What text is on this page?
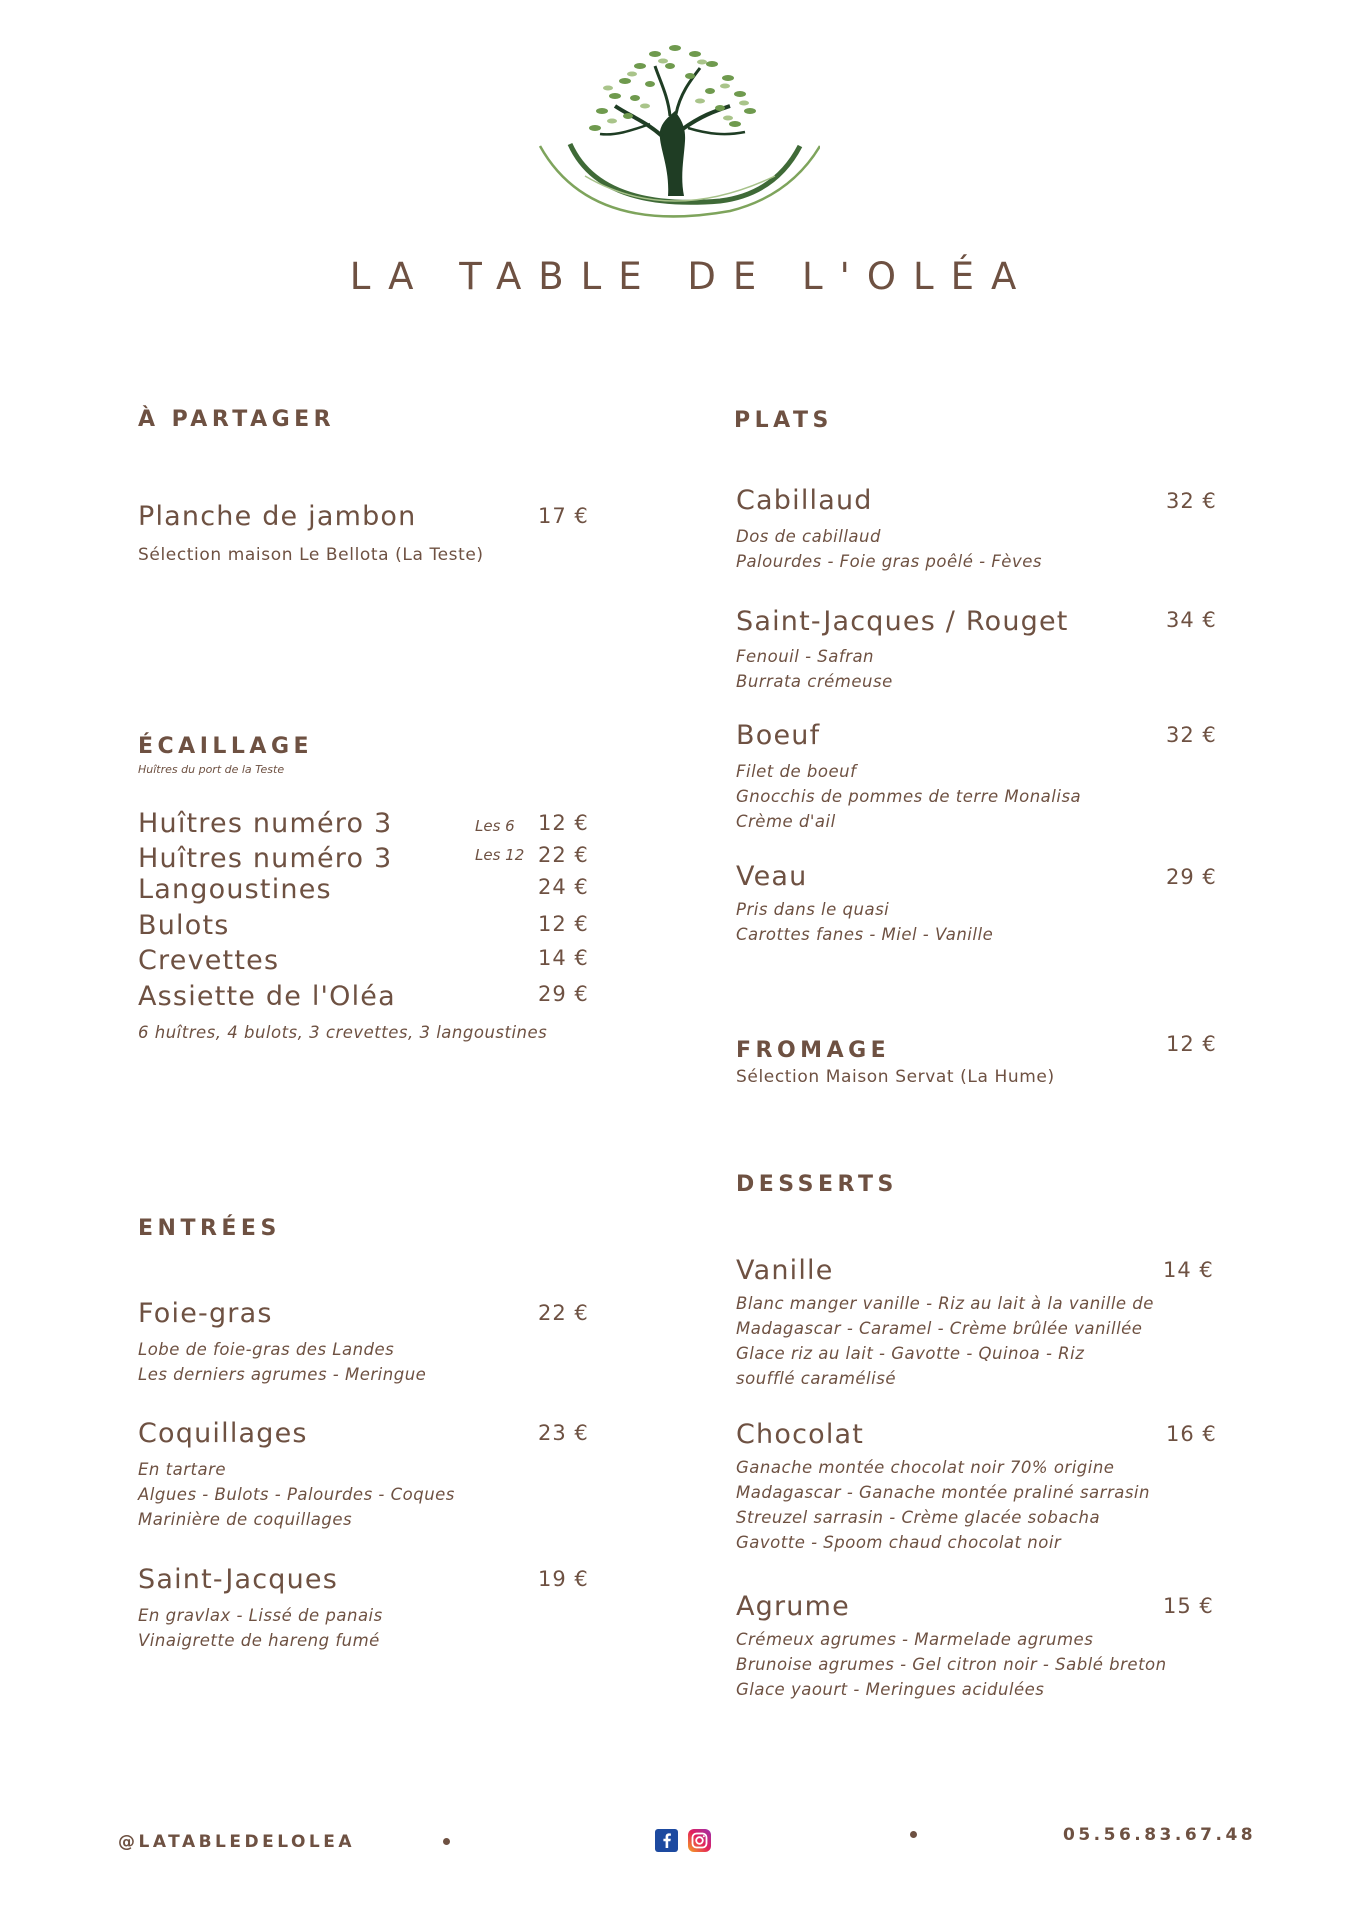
LA TABLE DE L'OLÉA
À PARTAGER
Planche de jambon	17 €
Sélection maison Le Bellota (La Teste)
ÉCAILLAGE
Huîtres du port de la Teste
Huîtres numéro 3	Les 6 12 €
Huîtres numéro 3	Les 12 22 €
Langoustines	24 €
Bulots	12 €
Crevettes	14 €
Assiette de l'Oléa	29 €
6 huîtres, 4 bulots, 3 crevettes, 3 langoustines
ENTRÉES
Foie-gras	22 €
Lobe de foie-gras des Landes
Les derniers agrumes - Meringue
Coquillages	23 €
En tartare
Algues - Bulots - Palourdes - Coques
Marinière de coquillages
Saint-Jacques	19 €
En gravlax - Lissé de panais
Vinaigrette de hareng fumé
PLATS
Cabillaud	32 €
Dos de cabillaud
Palourdes - Foie gras poêlé - Fèves
Saint-Jacques / Rouget	34 €
Fenouil - Safran
Burrata crémeuse
Boeuf	32 €
Filet de boeuf
Gnocchis de pommes de terre Monalisa
Crème d'ail
Veau	29 €
Pris dans le quasi
Carottes fanes - Miel - Vanille
FROMAGE	12 €
Sélection Maison Servat (La Hume)
DESSERTS
Vanille	14 €
Blanc manger vanille - Riz au lait à la vanille de
Madagascar - Caramel - Crème brûlée vanillée
Glace riz au lait - Gavotte - Quinoa - Riz
soufflé caramélisé
Chocolat	16 €
Ganache montée chocolat noir 70% origine
Madagascar - Ganache montée praliné sarrasin
Streuzel sarrasin - Crème glacée sobacha
Gavotte - Spoom chaud chocolat noir
Agrume	15 €
Crémeux agrumes - Marmelade agrumes
Brunoise agrumes - Gel citron noir - Sablé breton
Glace yaourt - Meringues acidulées
@LATABLEDELOLEA	05.56.83.67.48
